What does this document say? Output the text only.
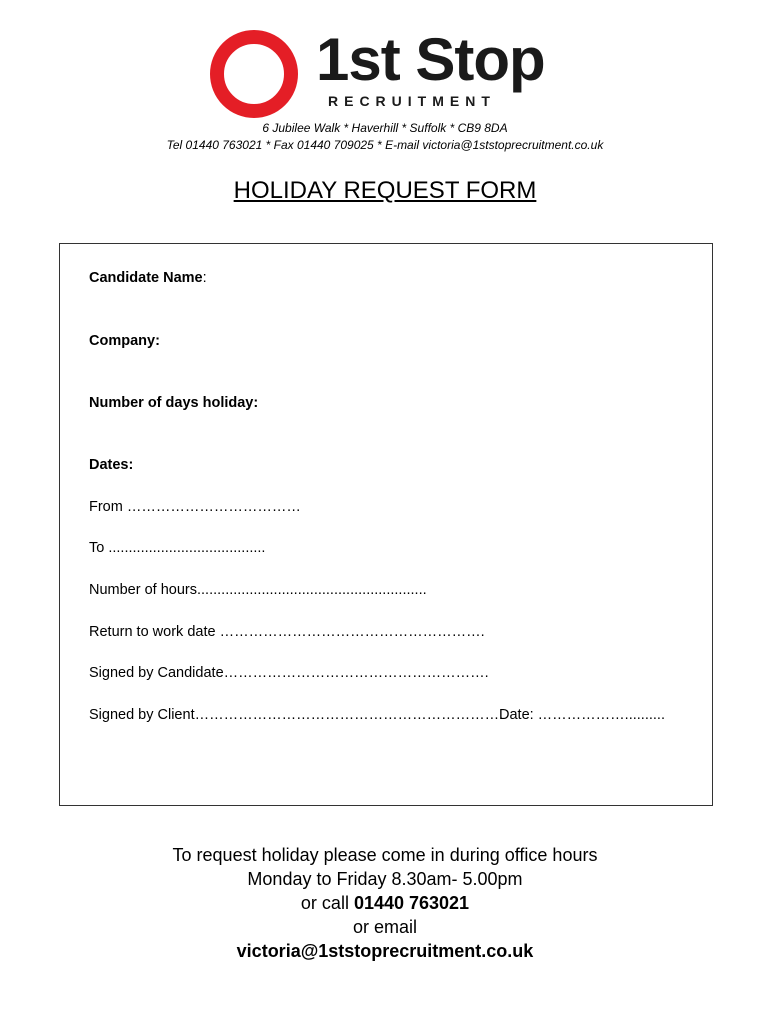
1st Stop
RECRUITMENT
6 Jubilee Walk * Haverhill * Suffolk * CB9 8DA
Tel 01440 763021 * Fax 01440 709025 * E-mail victoria@1ststoprecruitment.co.uk
HOLIDAY REQUEST FORM
Candidate Name:
Company:
Number of days holiday:
Dates:
From ………………………………
To .......................................
Number of hours.........................................................
Return to work date ……………………………………………….
Signed by Candidate……………………………………………….
Signed by Client……………………………………………………….
Date: ………………..........
To request holiday please come in during office hours
Monday to Friday 8.30am- 5.00pm
or call 01440 763021
or email
victoria@1ststoprecruitment.co.uk
